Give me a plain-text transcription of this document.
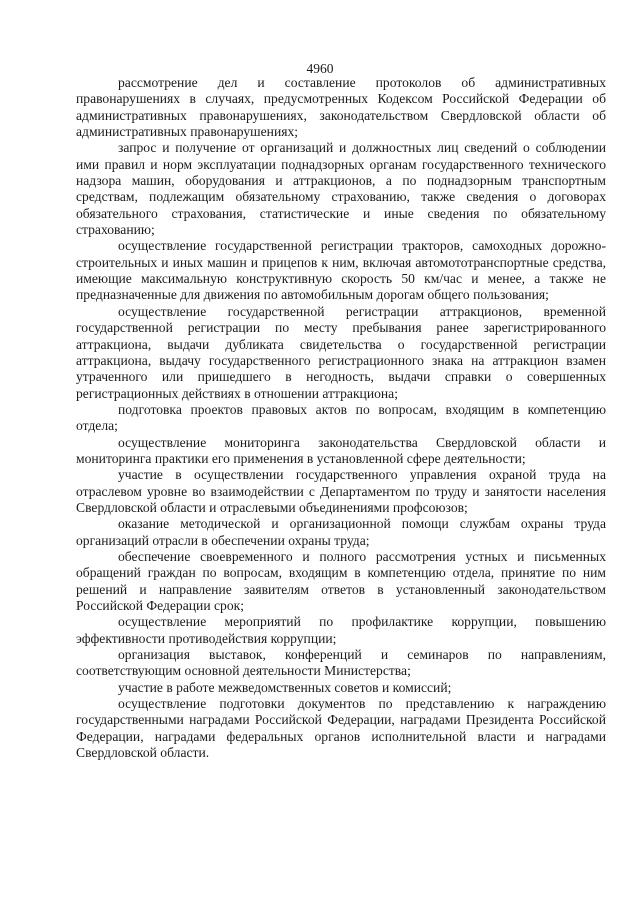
4960

рассмотрение дел и составление протоколов об административных правонарушениях в случаях, предусмотренных Кодексом Российской Федерации об административных правонарушениях, законодательством Свердловской области об административных правонарушениях;

запрос и получение от организаций и должностных лиц сведений о соблюдении ими правил и норм эксплуатации поднадзорных органам государственного технического надзора машин, оборудования и аттракционов, а по поднадзорным транспортным средствам, подлежащим обязательному страхованию, также сведения о договорах обязательного страхования, статистические и иные сведения по обязательному страхованию;

осуществление государственной регистрации тракторов, самоходных дорожно-строительных и иных машин и прицепов к ним, включая автомототранспортные средства, имеющие максимальную конструктивную скорость 50 км/час и менее, а также не предназначенные для движения по автомобильным дорогам общего пользования;

осуществление государственной регистрации аттракционов, временной государственной регистрации по месту пребывания ранее зарегистрированного аттракциона, выдачи дубликата свидетельства о государственной регистрации аттракциона, выдачу государственного регистрационного знака на аттракцион взамен утраченного или пришедшего в негодность, выдачи справки о совершенных регистрационных действиях в отношении аттракциона;

подготовка проектов правовых актов по вопросам, входящим в компетенцию отдела;

осуществление мониторинга законодательства Свердловской области и мониторинга практики его применения в установленной сфере деятельности;

участие в осуществлении государственного управления охраной труда на отраслевом уровне во взаимодействии с Департаментом по труду и занятости населения Свердловской области и отраслевыми объединениями профсоюзов;

оказание методической и организационной помощи службам охраны труда организаций отрасли в обеспечении охраны труда;

обеспечение своевременного и полного рассмотрения устных и письменных обращений граждан по вопросам, входящим в компетенцию отдела, принятие по ним решений и направление заявителям ответов в установленный законодательством Российской Федерации срок;

осуществление мероприятий по профилактике коррупции, повышению эффективности противодействия коррупции;

организация выставок, конференций и семинаров по направлениям, соответствующим основной деятельности Министерства;

участие в работе межведомственных советов и комиссий;

осуществление подготовки документов по представлению к награждению государственными наградами Российской Федерации, наградами Президента Российской Федерации, наградами федеральных органов исполнительной власти и наградами Свердловской области.
